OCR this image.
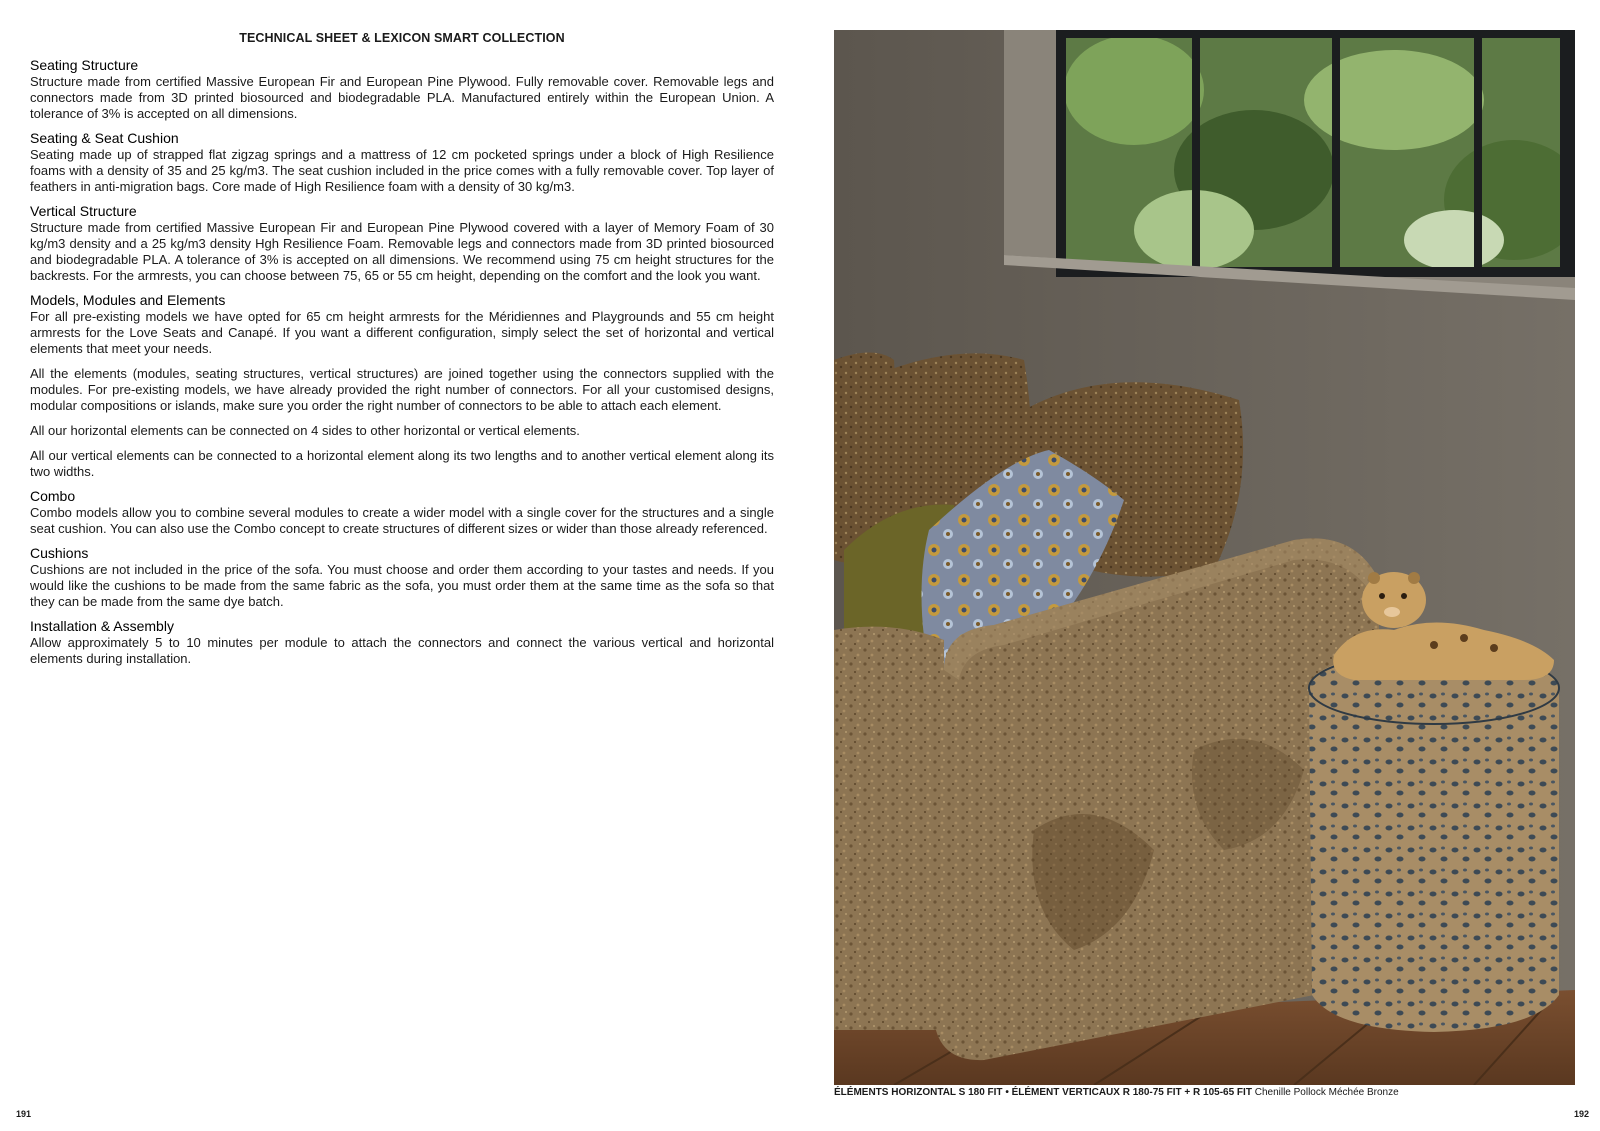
TECHNICAL SHEET & LEXICON SMART COLLECTION
Seating Structure

Structure made from certified Massive European Fir and European Pine Plywood. Fully removable cover. Removable legs and connectors made from 3D printed biosourced and biodegradable PLA. Manufactured entirely within the European Union. A tolerance of 3% is accepted on all dimensions.

Seating & Seat Cushion

Seating made up of strapped flat zigzag springs and a mattress of 12 cm pocketed springs under a block of High Resilience foams with a density of 35 and 25 kg/m3. The seat cushion included in the price comes with a fully removable cover. Top layer of feathers in anti-migration bags. Core made of High Resilience foam with a density of 30 kg/m3.

Vertical Structure

Structure made from certified Massive European Fir and European Pine Plywood covered with a layer of Memory Foam of 30 kg/m3 density and a 25 kg/m3 density Hgh Resilience Foam. Removable legs and connectors made from 3D printed biosourced and biodegradable PLA. A tolerance of 3% is accepted on all dimensions. We recommend using 75 cm height structures for the backrests. For the armrests, you can choose between 75, 65 or 55 cm height, depending on the comfort and the look you want.

Models, Modules and Elements

For all pre-existing models we have opted for 65 cm height armrests for the Méridiennes and Playgrounds and 55 cm height armrests for the Love Seats and Canapé. If you want a different configuration, simply select the set of horizontal and vertical elements that meet your needs.

All the elements (modules, seating structures, vertical structures) are joined together using the connectors supplied with the modules. For pre-existing models, we have already provided the right number of connectors. For all your customised designs, modular compositions or islands, make sure you order the right number of connectors to be able to attach each element.

All our horizontal elements can be connected on 4 sides to other horizontal or vertical elements.

All our vertical elements can be connected to a horizontal element along its two lengths and to another vertical element along its two widths.

Combo

Combo models allow you to combine several modules to create a wider model with a single cover for the structures and a single seat cushion. You can also use the Combo concept to create structures of different sizes or wider than those already referenced.

Cushions

Cushions are not included in the price of the sofa. You must choose and order them according to your tastes and needs. If you would like the cushions to be made from the same fabric as the sofa, you must order them at the same time as the sofa so that they can be made from the same dye batch.

Installation & Assembly

Allow approximately 5 to 10 minutes per module to attach the connectors and connect the various vertical and horizontal elements during installation.

191
ÉLÉMENTS HORIZONTAL S 180 FIT • ÉLÉMENT VERTICAUX R 180-75 FIT + R 105-65 FIT Chenille Pollock Méchée Bronze
192
